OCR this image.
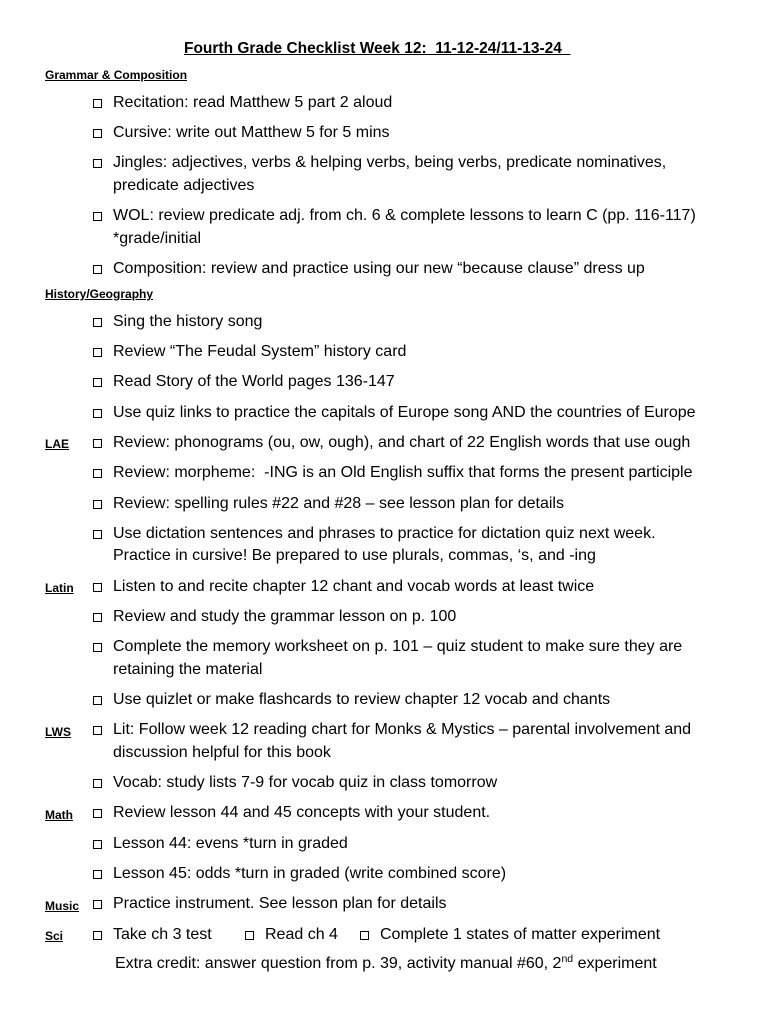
Fourth Grade Checklist Week 12:  11-12-24/11-13-24
Grammar & Composition
Recitation: read Matthew 5 part 2 aloud
Cursive: write out Matthew 5 for 5 mins
Jingles: adjectives, verbs & helping verbs, being verbs, predicate nominatives, predicate adjectives
WOL: review predicate adj. from ch. 6 & complete lessons to learn C (pp. 116-117) *grade/initial
Composition: review and practice using our new “because clause” dress up
History/Geography
Sing the history song
Review “The Feudal System” history card
Read Story of the World pages 136-147
Use quiz links to practice the capitals of Europe song AND the countries of Europe
LAE	Review: phonograms (ou, ow, ough), and chart of 22 English words that use ough
Review: morpheme:  -ING is an Old English suffix that forms the present participle
Review: spelling rules #22 and #28 – see lesson plan for details
Use dictation sentences and phrases to practice for dictation quiz next week. Practice in cursive! Be prepared to use plurals, commas, ‘s, and -ing
Latin	Listen to and recite chapter 12 chant and vocab words at least twice
Review and study the grammar lesson on p. 100
Complete the memory worksheet on p. 101 – quiz student to make sure they are retaining the material
Use quizlet or make flashcards to review chapter 12 vocab and chants
LWS	Lit: Follow week 12 reading chart for Monks & Mystics – parental involvement and discussion helpful for this book
Vocab: study lists 7-9 for vocab quiz in class tomorrow
Math	Review lesson 44 and 45 concepts with your student.
Lesson 44: evens *turn in graded
Lesson 45: odds *turn in graded (write combined score)
Music	Practice instrument. See lesson plan for details
Sci	Take ch 3 test	Read ch 4	Complete 1 states of matter experiment
Extra credit: answer question from p. 39, activity manual #60, 2nd experiment
